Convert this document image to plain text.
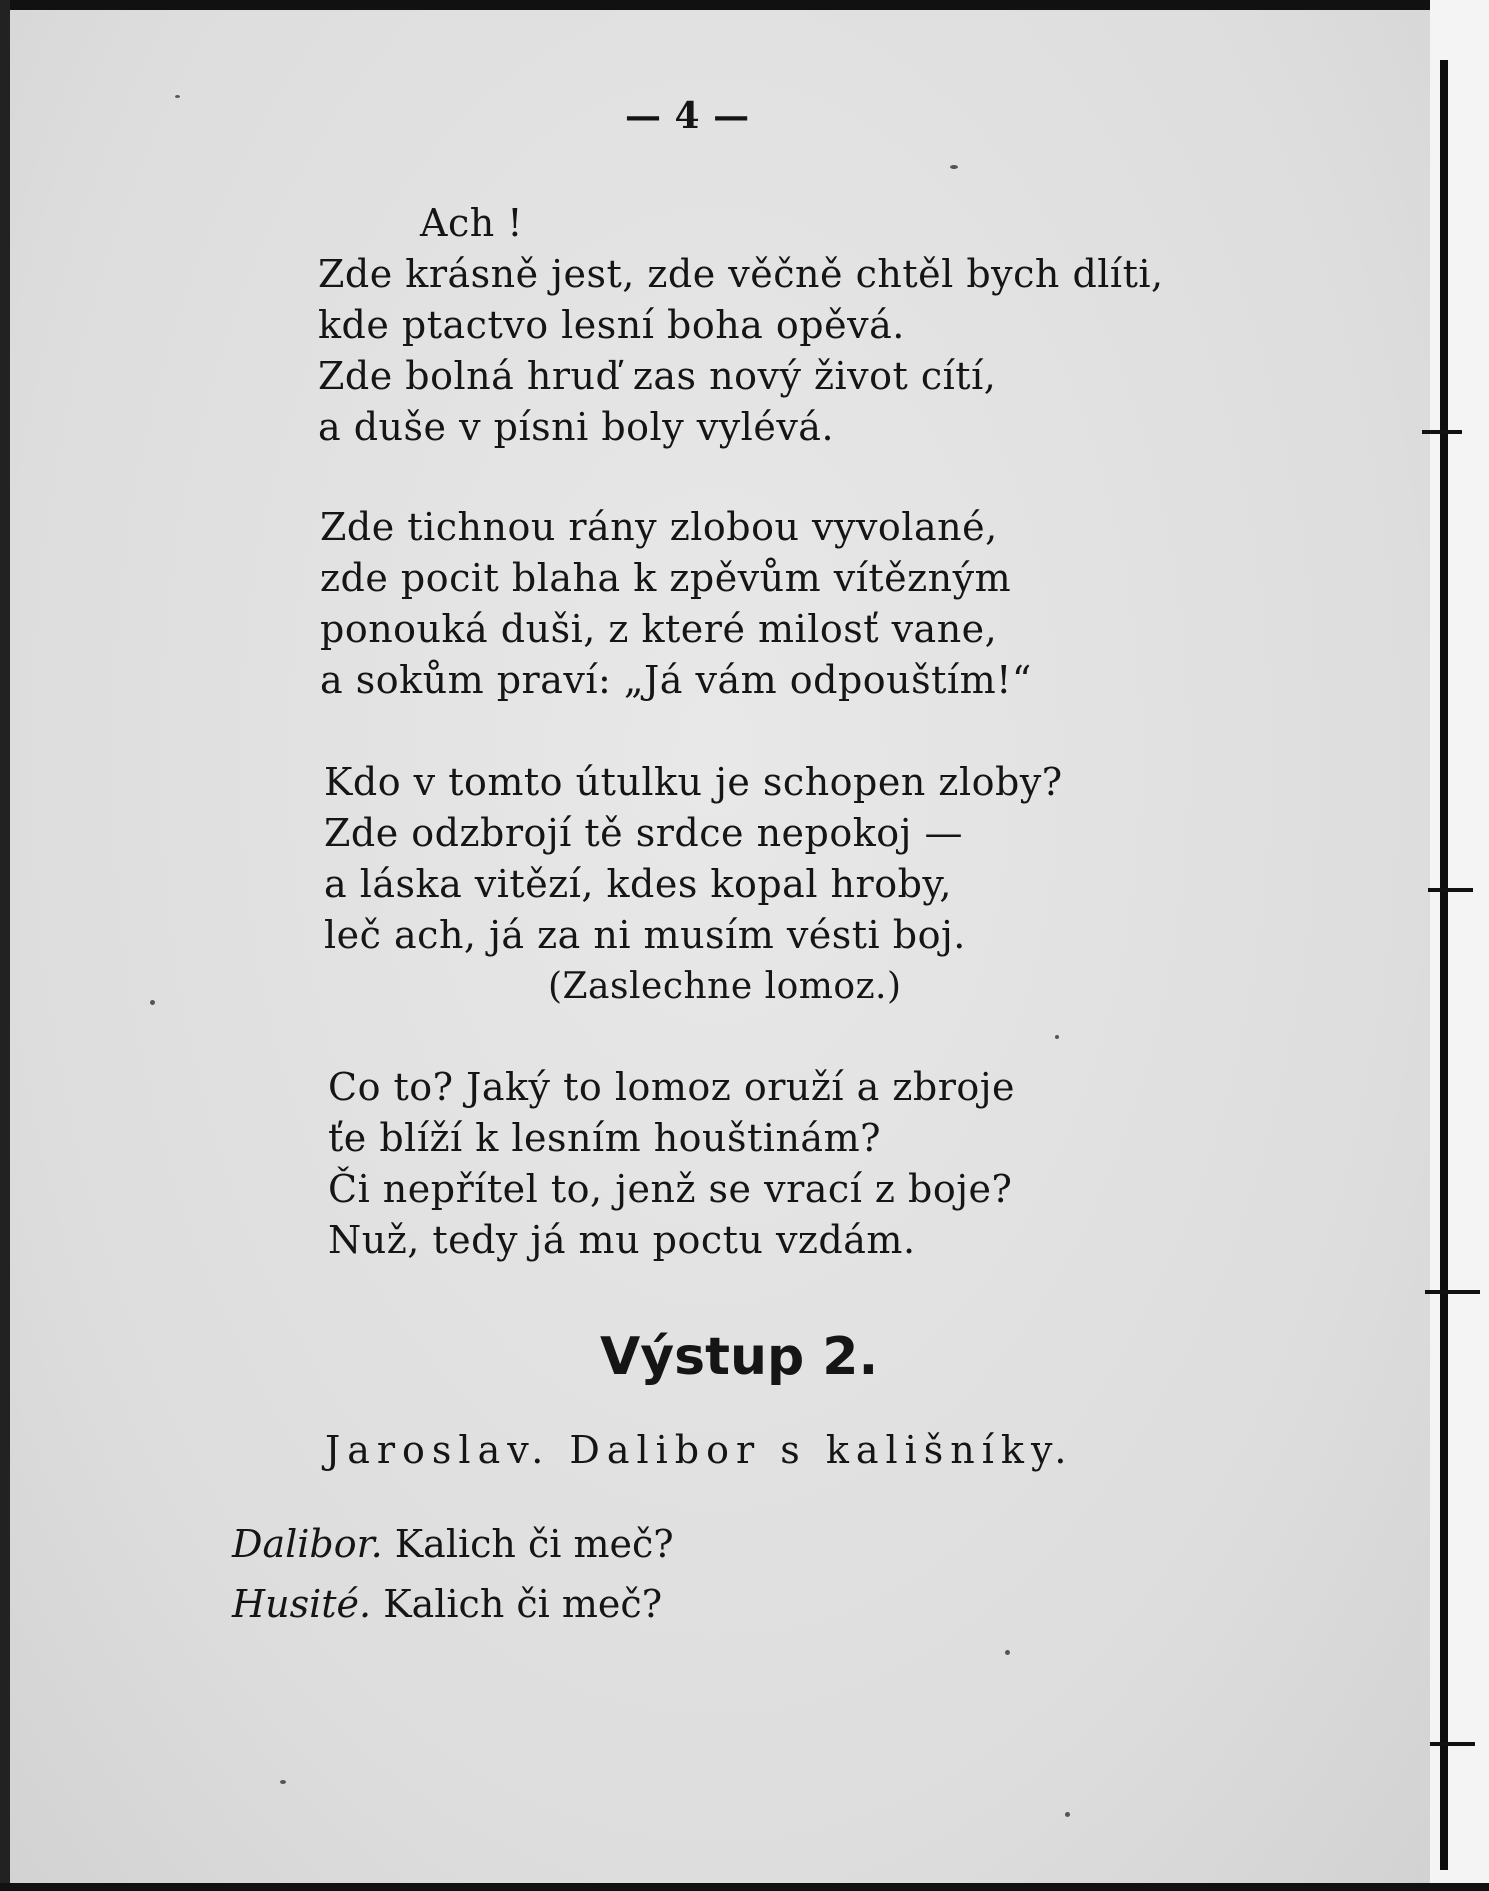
— 4 —
Ach !
Zde krásně jest, zde věčně chtěl bych dlíti,
kde ptactvo lesní boha opěvá.
Zde bolná hruď zas nový život cítí,
a duše v písni boly vylévá.
Zde tichnou rány zlobou vyvolané,
zde pocit blaha k zpěvům vítězným
ponouká duši, z které milosť vane,
a sokům praví: „Já vám odpouštím!“
Kdo v tomto útulku je schopen zloby?
Zde odzbrojí tě srdce nepokoj —
a láska vitězí, kdes kopal hroby,
leč ach, já za ni musím vésti boj.
(Zaslechne lomoz.)
Co to? Jaký to lomoz oruží a zbroje
ťe blíží k lesním houštinám?
Či nepřítel to, jenž se vrací z boje?
Nuž, tedy já mu poctu vzdám.
Výstup 2.
Jaroslav. Dalibor s kališníky.
Dalibor. Kalich či meč?
Husité. Kalich či meč?
